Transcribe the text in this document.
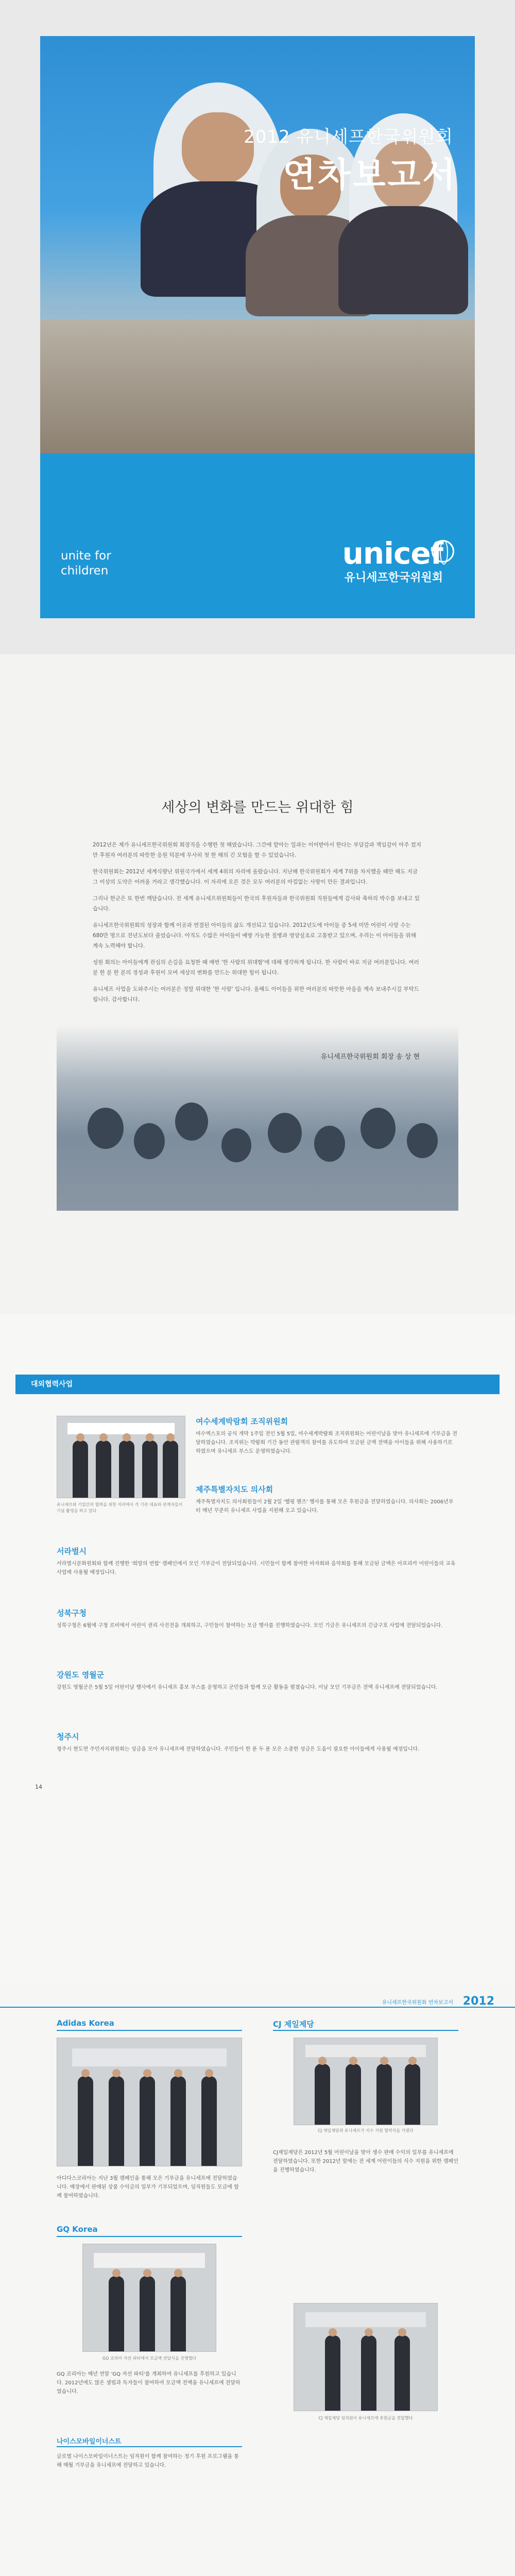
2012 유니세프한국위원회
연차보고서
unite for
children	unicef
유니세프한국위원회
세상의 변화를 만드는 위대한 힘

2012년은 제가 유니세프한국위원회 회장직을 수행한 첫 해였습니다. 그간에 맡아는 일과는 이어받아서 한다는 부담감과 책임감이 아주 컸지만 후원자 여러분의 따뜻한 응원 덕분에 무사히 첫 한 해의 긴 모험을 할 수 있었습니다.

한국위원회는 2012년 세계식량난 위원국가에서 세계 4위의 자리에 올랐습니다. 지난해 한국위원회가 세계 7위를 차지했을 때만 해도 지금 그 이상의 도약은 어려울 거라고 생각했습니다. 이 자리에 오른 것은 모두 여러분의 아낌없는 사랑이 만든 결과입니다.

그리나 한군은 또 한번 깨달습니다. 전 세계 유니세프위원회들이 한국의 후원자들과 한국위원회 직원들에게 감사와 축하의 박수를 보내고 있습니다.

유니세프한국위원회의 성장과 함께 이곳과 연결된 아이들의 삶도 개선되고 있습니다. 2012년도에 아이들 중 5세 미만 어린이 사망 수는 680만 명으로 전년도보다 줄었습니다. 아직도 수많은 아이들이 예방 가능한 질병과 영양실조로 고통받고 있으며, 우리는 이 아이들을 위해 계속 노력해야 합니다.

성원 회의는 아이들에게 관심의 손길을 요청한 때 매번 '한 사람의 위대함'에 대해 생각하게 됩니다. 한 사람이 바로 지금 여러분입니다. 여러분 한 분 한 분의 정성과 후원이 모여 세상의 변화를 만드는 위대한 힘이 됩니다.

유니세프 사업을 도와주시는 여러분은 정말 위대한 '한 사람' 입니다. 올해도 아이들을 위한 여러분의 따뜻한 마음을 계속 보내주시길 부탁드립니다. 감사합니다.

유니세프한국위원회 회장 송 상 현
대외협력사업
유니세프와 기업간의 협력을 위한 자리에서 각 기관 대표와 관계자들이 기념 촬영을 하고 있다
여수세계박람회 조직위원회
여수엑스포의 공식 개막 1주일 전인 5월 5일, 여수세계박람회 조직위원회는 어린이날을 맞아 유니세프에 기부금을 전달하였습니다. 조직위는 박람회 기간 동안 관람객의 참여를 유도하여 모금된 금액 전액을 아이들을 위해 사용하기로 하였으며 유니세프 부스도 운영하였습니다.
제주특별자치도 의사회
제주특별자치도 의사회원들이 2월 2일 '헬핑 핸즈' 행사를 통해 모은 후원금을 전달하였습니다. 의사회는 2006년부터 매년 꾸준히 유니세프 사업을 지원해 오고 있습니다.
서라벌시
서라벌시문화원회와 함께 진행한 '희망의 연합' 캠페인에서 모인 기부금이 전달되었습니다. 시민들이 함께 참여한 바자회와 음악회를 통해 모금된 금액은 아프리카 어린이들의 교육 사업에 사용될 예정입니다.
성북구청
성북구청은 6월에 구청 로비에서 어린이 권리 사진전을 개최하고, 구민들이 참여하는 모금 행사를 진행하였습니다. 모인 기금은 유니세프의 긴급구호 사업에 전달되었습니다.
강원도 영월군
강원도 영월군은 5월 5일 어린이날 행사에서 유니세프 홍보 부스를 운영하고 군민들과 함께 모금 활동을 펼쳤습니다. 이날 모인 기부금은 전액 유니세프에 전달되었습니다.
청주시
청주시 현도면 주민자치위원회는 성금을 모아 유니세프에 전달하였습니다. 주민들이 한 푼 두 푼 모은 소중한 성금은 도움이 필요한 아이들에게 사용될 예정입니다.
14
유니세프한국위원회 연차보고서 2012
Adidas Korea
아디다스코리아는 지난 3월 캠페인을 통해 모은 기부금을 유니세프에 전달하였습니다. 매장에서 판매된 상품 수익금의 일부가 기부되었으며, 임직원들도 모금에 함께 참여하였습니다.
GQ Korea
GQ 코리아 자선 파티에서 모금액 전달식을 진행했다
GQ 코리아는 매년 연말 'GQ 자선 파티'를 개최하여 유니세프를 후원하고 있습니다. 2012년에도 많은 셀럽과 독자들이 참여하여 모금액 전액을 유니세프에 전달하였습니다.
나이스모바일이너스트
글로벌 나이스모바일이너스트는 임직원이 함께 참여하는 정기 후원 프로그램을 통해 매월 기부금을 유니세프에 전달하고 있습니다.
CJ 제일제당
CJ 제일제당과 유니세프가 식수 지원 협약식을 가졌다
CJ제일제당은 2012년 5월 어린이날을 맞아 생수 판매 수익의 일부를 유니세프에 전달하였습니다. 또한 2012년 말에는 전 세계 어린이들의 식수 지원을 위한 캠페인을 진행하였습니다.
CJ 제일제당 임직원이 유니세프에 후원금을 전달했다
